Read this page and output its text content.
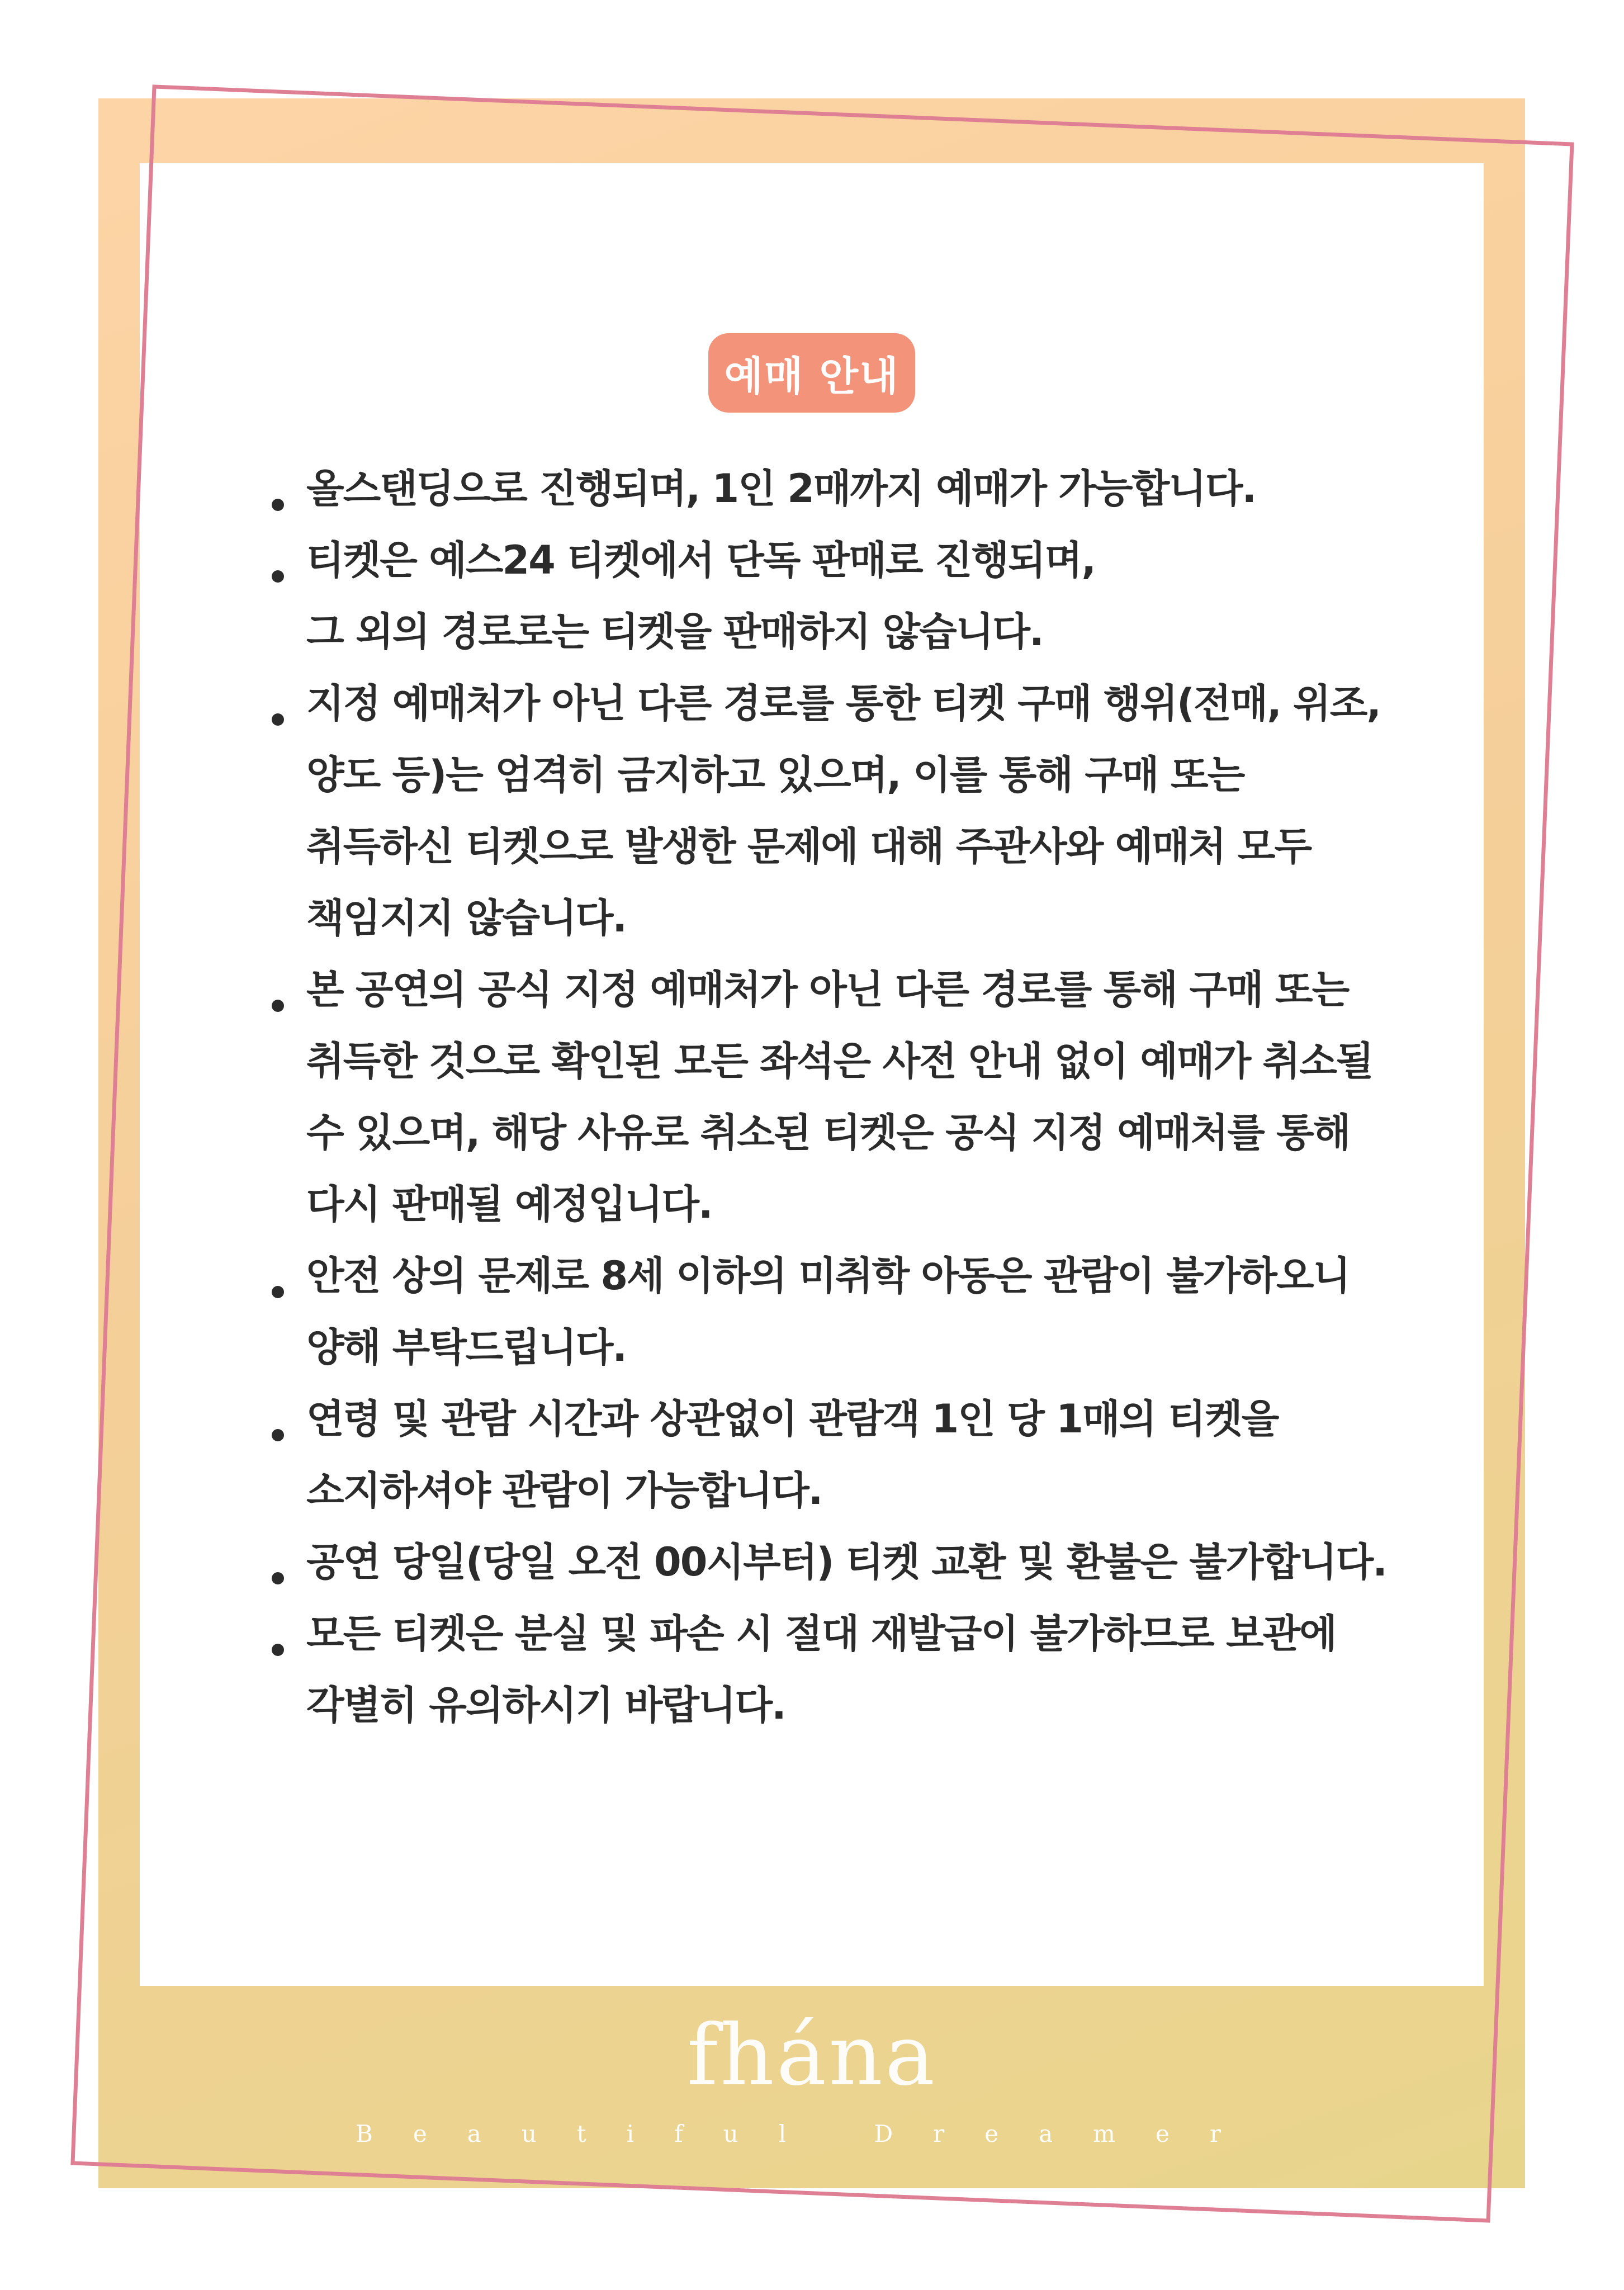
예매 안내
올스탠딩으로 진행되며, 1인 2매까지 예매가 가능합니다.
티켓은 예스24 티켓에서 단독 판매로 진행되며,
그 외의 경로로는 티켓을 판매하지 않습니다.
지정 예매처가 아닌 다른 경로를 통한 티켓 구매 행위(전매, 위조,
양도 등)는 엄격히 금지하고 있으며, 이를 통해 구매 또는
취득하신 티켓으로 발생한 문제에 대해 주관사와 예매처 모두
책임지지 않습니다.
본 공연의 공식 지정 예매처가 아닌 다른 경로를 통해 구매 또는
취득한 것으로 확인된 모든 좌석은 사전 안내 없이 예매가 취소될
수 있으며, 해당 사유로 취소된 티켓은 공식 지정 예매처를 통해
다시 판매될 예정입니다.
안전 상의 문제로 8세 이하의 미취학 아동은 관람이 불가하오니
양해 부탁드립니다.
연령 및 관람 시간과 상관없이 관람객 1인 당 1매의 티켓을
소지하셔야 관람이 가능합니다.
공연 당일(당일 오전 00시부터) 티켓 교환 및 환불은 불가합니다.
모든 티켓은 분실 및 파손 시 절대 재발급이 불가하므로 보관에
각별히 유의하시기 바랍니다.
fhána
Beautiful Dreamer
